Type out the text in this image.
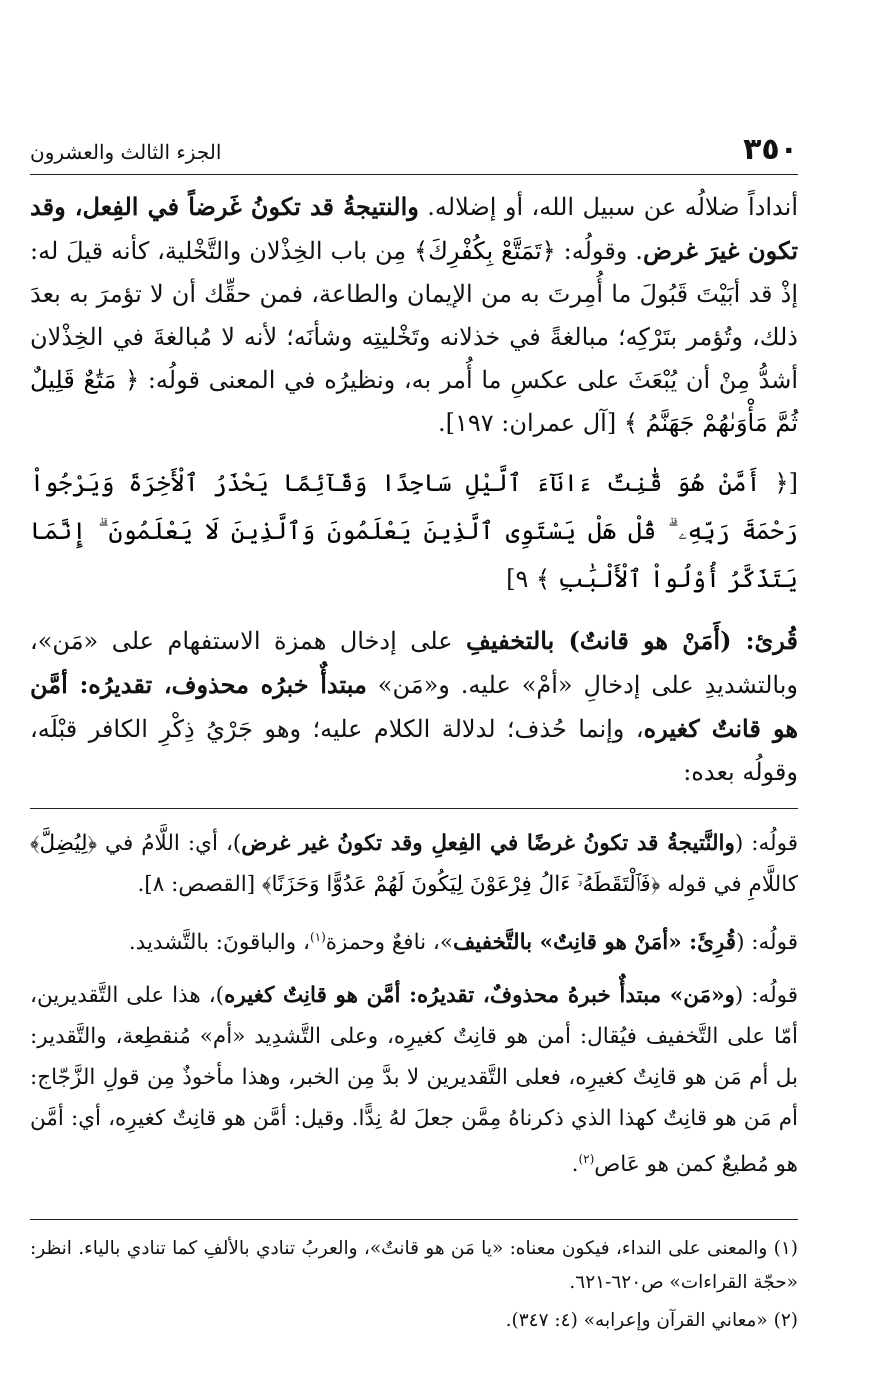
٣٥٠
الجزء الثالث والعشرون

أنداداً ضلالُه عن سبيل الله، أو إضلاله. والنتيجةُ قد تكونُ غَرضاً في الفِعل، وقد تكون غيرَ غرض. وقولُه: ﴿تَمَتَّعْ بِكُفْرِكَ﴾ مِن باب الخِذْلان والتَّخْلية، كأنه قيلَ له: إذْ قد أبَيْتَ قَبُولَ ما أُمِرتَ به من الإيمان والطاعة، فمن حقِّك أن لا تؤمرَ به بعدَ ذلك، وتُؤمر بتَرْكِه؛ مبالغةً في خذلانه وتَخْليتِه وشأنَه؛ لأنه لا مُبالغةَ في الخِذْلان أشدُّ مِنْ أن يُبْعَثَ على عكسِ ما أُمر به، ونظيرُه في المعنى قولُه: ﴿ مَتَٰعٌ قَلِيلٌ ثُمَّ مَأْوَىٰهُمْ جَهَنَّمُ ﴾ [آل عمران: ١٩٧].

[﴿ أَمَّنْ هُوَ قَٰنِتٌ ءَانَآءَ ٱلَّيْلِ سَاجِدًا وَقَآئِمًا يَحْذَرُ ٱلْأَخِرَةَ وَيَرْجُواْ رَحْمَةَ رَبِّهِۦ ۗ قُلْ هَلْ يَسْتَوِى ٱلَّذِينَ يَعْلَمُونَ وَٱلَّذِينَ لَا يَعْلَمُونَ ۗ إِنَّمَا يَتَذَكَّرُ أُوْلُواْ ٱلْأَلْبَٰبِ ﴾ ٩]

قُرئ: (أَمَنْ هو قانتٌ) بالتخفيفِ على إدخال همزة الاستفهام على «مَن»، وبالتشديدِ على إدخالِ «أمْ» عليه. و«مَن» مبتدأٌ خبرُه محذوف، تقديرُه: أمَّن هو قانتٌ كغيره، وإنما حُذف؛ لدلالة الكلام عليه؛ وهو جَرْيُ ذِكْرِ الكافر قبْلَه، وقولُه بعده:

قولُه: (والنَّتيجةُ قد تكونُ غرضًا في الفِعلِ وقد تكونُ غير غرض)، أي: اللَّامُ في ﴿لِيُضِلَّ﴾ كاللَّامِ في قوله ﴿فَٱلْتَقَطَهُۥٓ ءَالُ فِرْعَوْنَ لِيَكُونَ لَهُمْ عَدُوًّا وَحَزَنًا﴾ [القصص: ٨].

قولُه: (قُرِئَ: «أمَنْ هو قانِتٌ» بالتَّخفيف»، نافعٌ وحمزة$^{(١)}$، والباقونَ: بالتَّشديد.

قولُه: (و«مَن» مبتدأٌ خبرهُ محذوفٌ، تقديرُه: أمَّن هو قانِتٌ كغيره)، هذا على التَّقديرين، أمّا على التَّخفيف فيُقال: أمن هو قانِتٌ كغيرِه، وعلى التَّشدِيد «أم» مُنقطِعة، والتَّقدير: بل أم مَن هو قانِتٌ كغيرِه، فعلى التَّقديرين لا بدَّ مِن الخبر، وهذا مأخوذٌ مِن قولِ الزَّجّاج: أم مَن هو قانِتٌ كهذا الذي ذكرناهُ مِمَّن جعلَ لهُ نِدًّا. وقيل: أمَّن هو قانِتٌ كغيرِه، أي: أمَّن هو مُطيعٌ كمن هو عَاص$^{(٢)}$.

(١) والمعنى على النداء، فيكون معناه: «يا مَن هو قانتٌ»، والعربُ تنادي بالألفِ كما تنادي بالياء. انظر: «حجّة القراءات» ص٦٢٠-٦٢١.

(٢) «معاني القرآن وإعرابه» (٤: ٣٤٧).
